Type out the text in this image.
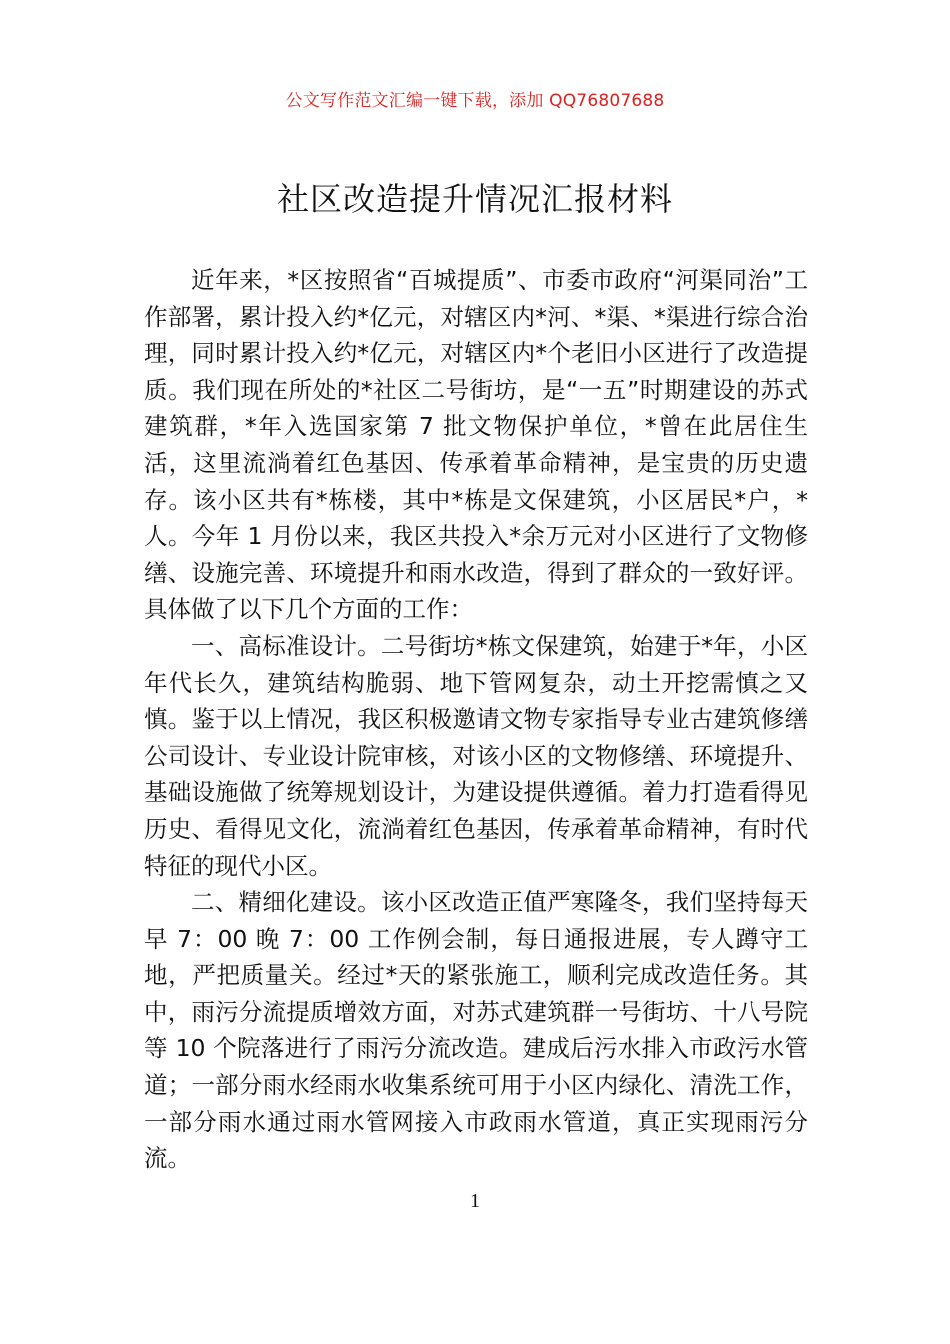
公文写作范文汇编一键下载，添加 QQ76807688
社区改造提升情况汇报材料

近年来，*区按照省“百城提质”、市委市政府“河渠同治”工作部署，累计投入约*亿元，对辖区内*河、*渠、*渠进行综合治理，同时累计投入约*亿元，对辖区内*个老旧小区进行了改造提质。我们现在所处的*社区二号街坊，是“一五”时期建设的苏式建筑群，*年入选国家第 7 批文物保护单位，*曾在此居住生活，这里流淌着红色基因、传承着革命精神，是宝贵的历史遗存。该小区共有*栋楼，其中*栋是文保建筑，小区居民*户，*人。今年 1 月份以来，我区共投入*余万元对小区进行了文物修缮、设施完善、环境提升和雨水改造，得到了群众的一致好评。具体做了以下几个方面的工作：

一、高标准设计。二号街坊*栋文保建筑，始建于*年，小区年代长久，建筑结构脆弱、地下管网复杂，动土开挖需慎之又慎。鉴于以上情况，我区积极邀请文物专家指导专业古建筑修缮公司设计、专业设计院审核，对该小区的文物修缮、环境提升、基础设施做了统筹规划设计，为建设提供遵循。着力打造看得见历史、看得见文化，流淌着红色基因，传承着革命精神，有时代特征的现代小区。

二、精细化建设。该小区改造正值严寒隆冬，我们坚持每天早 7：00 晚 7：00 工作例会制，每日通报进展，专人蹲守工地，严把质量关。经过*天的紧张施工，顺利完成改造任务。其中，雨污分流提质增效方面，对苏式建筑群一号街坊、十八号院等 10 个院落进行了雨污分流改造。建成后污水排入市政污水管道；一部分雨水经雨水收集系统可用于小区内绿化、清洗工作，一部分雨水通过雨水管网接入市政雨水管道，真正实现雨污分流。

1
